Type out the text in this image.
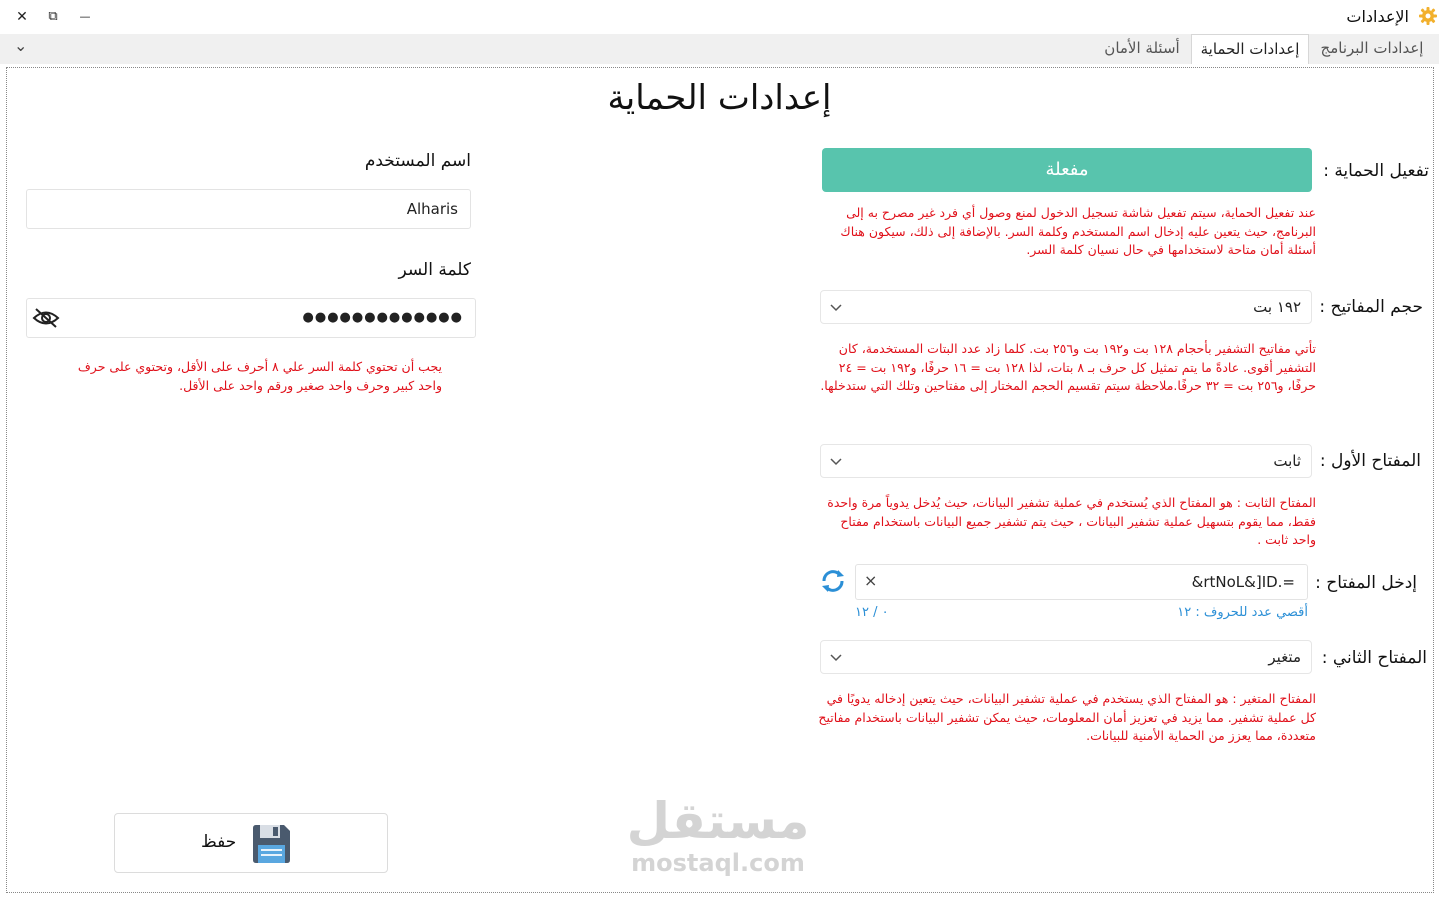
الإعدادات
✕	⧉	—
⌄	إعدادات البرنامج
إعدادات الحماية
أسئلة الأمان
إعدادات الحماية
تفعيل الحماية :
مفعلة
عند تفعيل الحماية، سيتم تفعيل شاشة تسجيل الدخول لمنع وصول أي فرد غير مصرح به إلى البرنامج، حيث يتعين عليه إدخال اسم المستخدم وكلمة السر. بالإضافة إلى ذلك، سيكون هناك أسئلة أمان متاحة لاستخدامها في حال نسيان كلمة السر.
حجم المفاتيح :
١٩٢ بت
تأتي مفاتيح التشفير بأحجام ١٢٨ بت و١٩٢ بت و٢٥٦ بت. كلما زاد عدد البتات المستخدمة، كان التشفير أقوى. عادةً ما يتم تمثيل كل حرف بـ ٨ بتات، لذا ١٢٨ بت = ١٦ حرفًا، و١٩٢ بت = ٢٤ حرفًا، و٢٥٦ بت = ٣٢ حرفًا.ملاحظة سيتم تقسيم الحجم المختار إلى مفتاحين وتلك التي ستدخلها.
المفتاح الأول :
ثابت
المفتاح الثابت : هو المفتاح الذي يُستخدم في عملية تشفير البيانات، حيث يُدخل يدوياً مرة واحدة فقط، مما يقوم بتسهيل عملية تشفير البيانات ، حيث يتم تشفير جميع البيانات باستخدام مفتاح واحد ثابت .
إدخل المفتاح :
&rtNoL&]ID.=
×
أقصي عدد للحروف : ١٢
٠ / ١٢
المفتاح الثاني :
متغير
المفتاح المتغير : هو المفتاح الذي يستخدم في عملية تشفير البيانات، حيث يتعين إدخاله يدويًا في كل عملية تشفير. مما يزيد في تعزيز أمان المعلومات، حيث يمكن تشفير البيانات باستخدام مفاتيح متعددة، مما يعزز من الحماية الأمنية للبيانات.
اسم المستخدم
Alharis
كلمة السر
●●●●●●●●●●●●●
يجب أن تحتوي كلمة السر علي ٨ أحرف على الأقل، وتحتوي على حرف واحد كبير وحرف واحد صغير ورقم واحد على الأقل.
مستقل
mostaql.com
حفظ
